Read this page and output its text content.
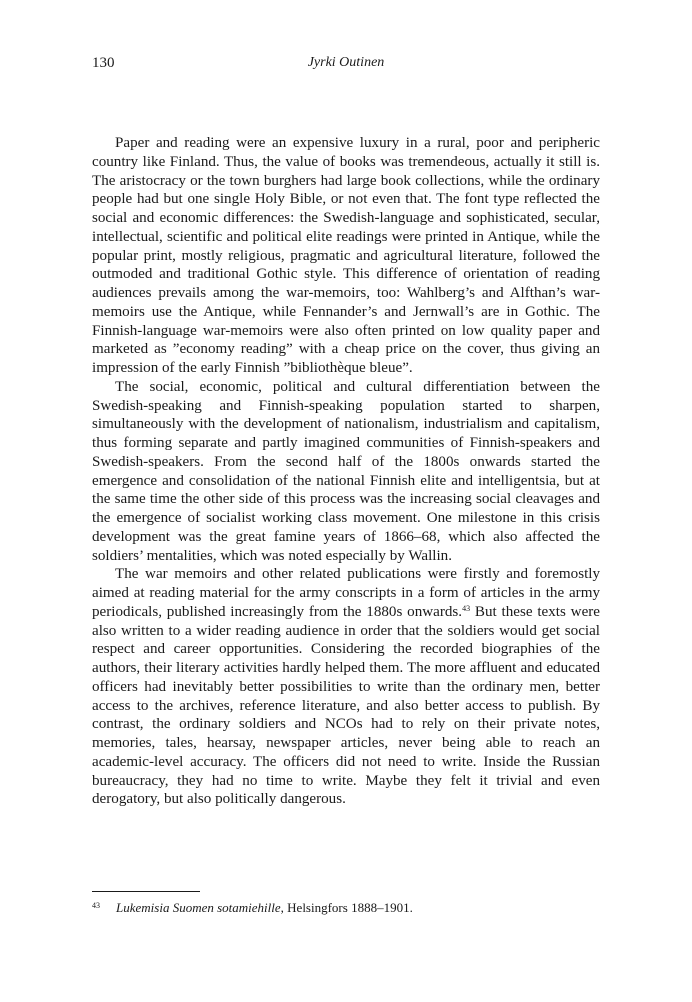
130	Jyrki Outinen

Paper and reading were an expensive luxury in a rural, poor and peripheric country like Finland. Thus, the value of books was tremendeous, actually it still is. The aristocracy or the town burghers had large book collections, while the ordinary people had but one single Holy Bible, or not even that. The font type reflected the social and economic differences: the Swedish-language and sophisticated, secular, intellectual, scientific and political elite readings were printed in Antique, while the popular print, mostly religious, pragmatic and agricultural literature, followed the outmoded and traditional Gothic style. This difference of orientation of reading audiences prevails among the war-memoirs, too: Wahlberg’s and Alfthan’s war-memoirs use the Antique, while Fennander’s and Jernwall’s are in Gothic. The Finnish-language war-memoirs were also often printed on low quality paper and marketed as ”economy reading” with a cheap price on the cover, thus giving an impression of the early Finnish ”bibliothèque bleue”.

The social, economic, political and cultural differentiation between the Swedish-speaking and Finnish-speaking population started to sharpen, simultaneously with the development of nationalism, industrialism and capitalism, thus forming separate and partly imagined communities of Finnish-speakers and Swedish-speakers. From the second half of the 1800s onwards started the emergence and consolidation of the national Finnish elite and intelligentsia, but at the same time the other side of this process was the increasing social cleavages and the emergence of socialist working class movement. One milestone in this crisis development was the great famine years of 1866–68, which also affected the soldiers’ mentalities, which was noted especially by Wallin.

The war memoirs and other related publications were firstly and foremostly aimed at reading material for the army conscripts in a form of articles in the army periodicals, published increasingly from the 1880s onwards.$^{43}$ But these texts were also written to a wider reading audience in order that the soldiers would get social respect and career opportunities. Considering the recorded biographies of the authors, their literary activities hardly helped them. The more affluent and educated officers had inevitably better possibilities to write than the ordinary men, better access to the archives, reference literature, and also better access to publish. By contrast, the ordinary soldiers and NCOs had to rely on their private notes, memories, tales, hearsay, newspaper articles, never being able to reach an academic-level accuracy. The officers did not need to write. Inside the Russian bureaucracy, they had no time to write. Maybe they felt it trivial and even derogatory, but also politically dangerous.

43 Lukemisia Suomen sotamiehille, Helsingfors 1888–1901.
